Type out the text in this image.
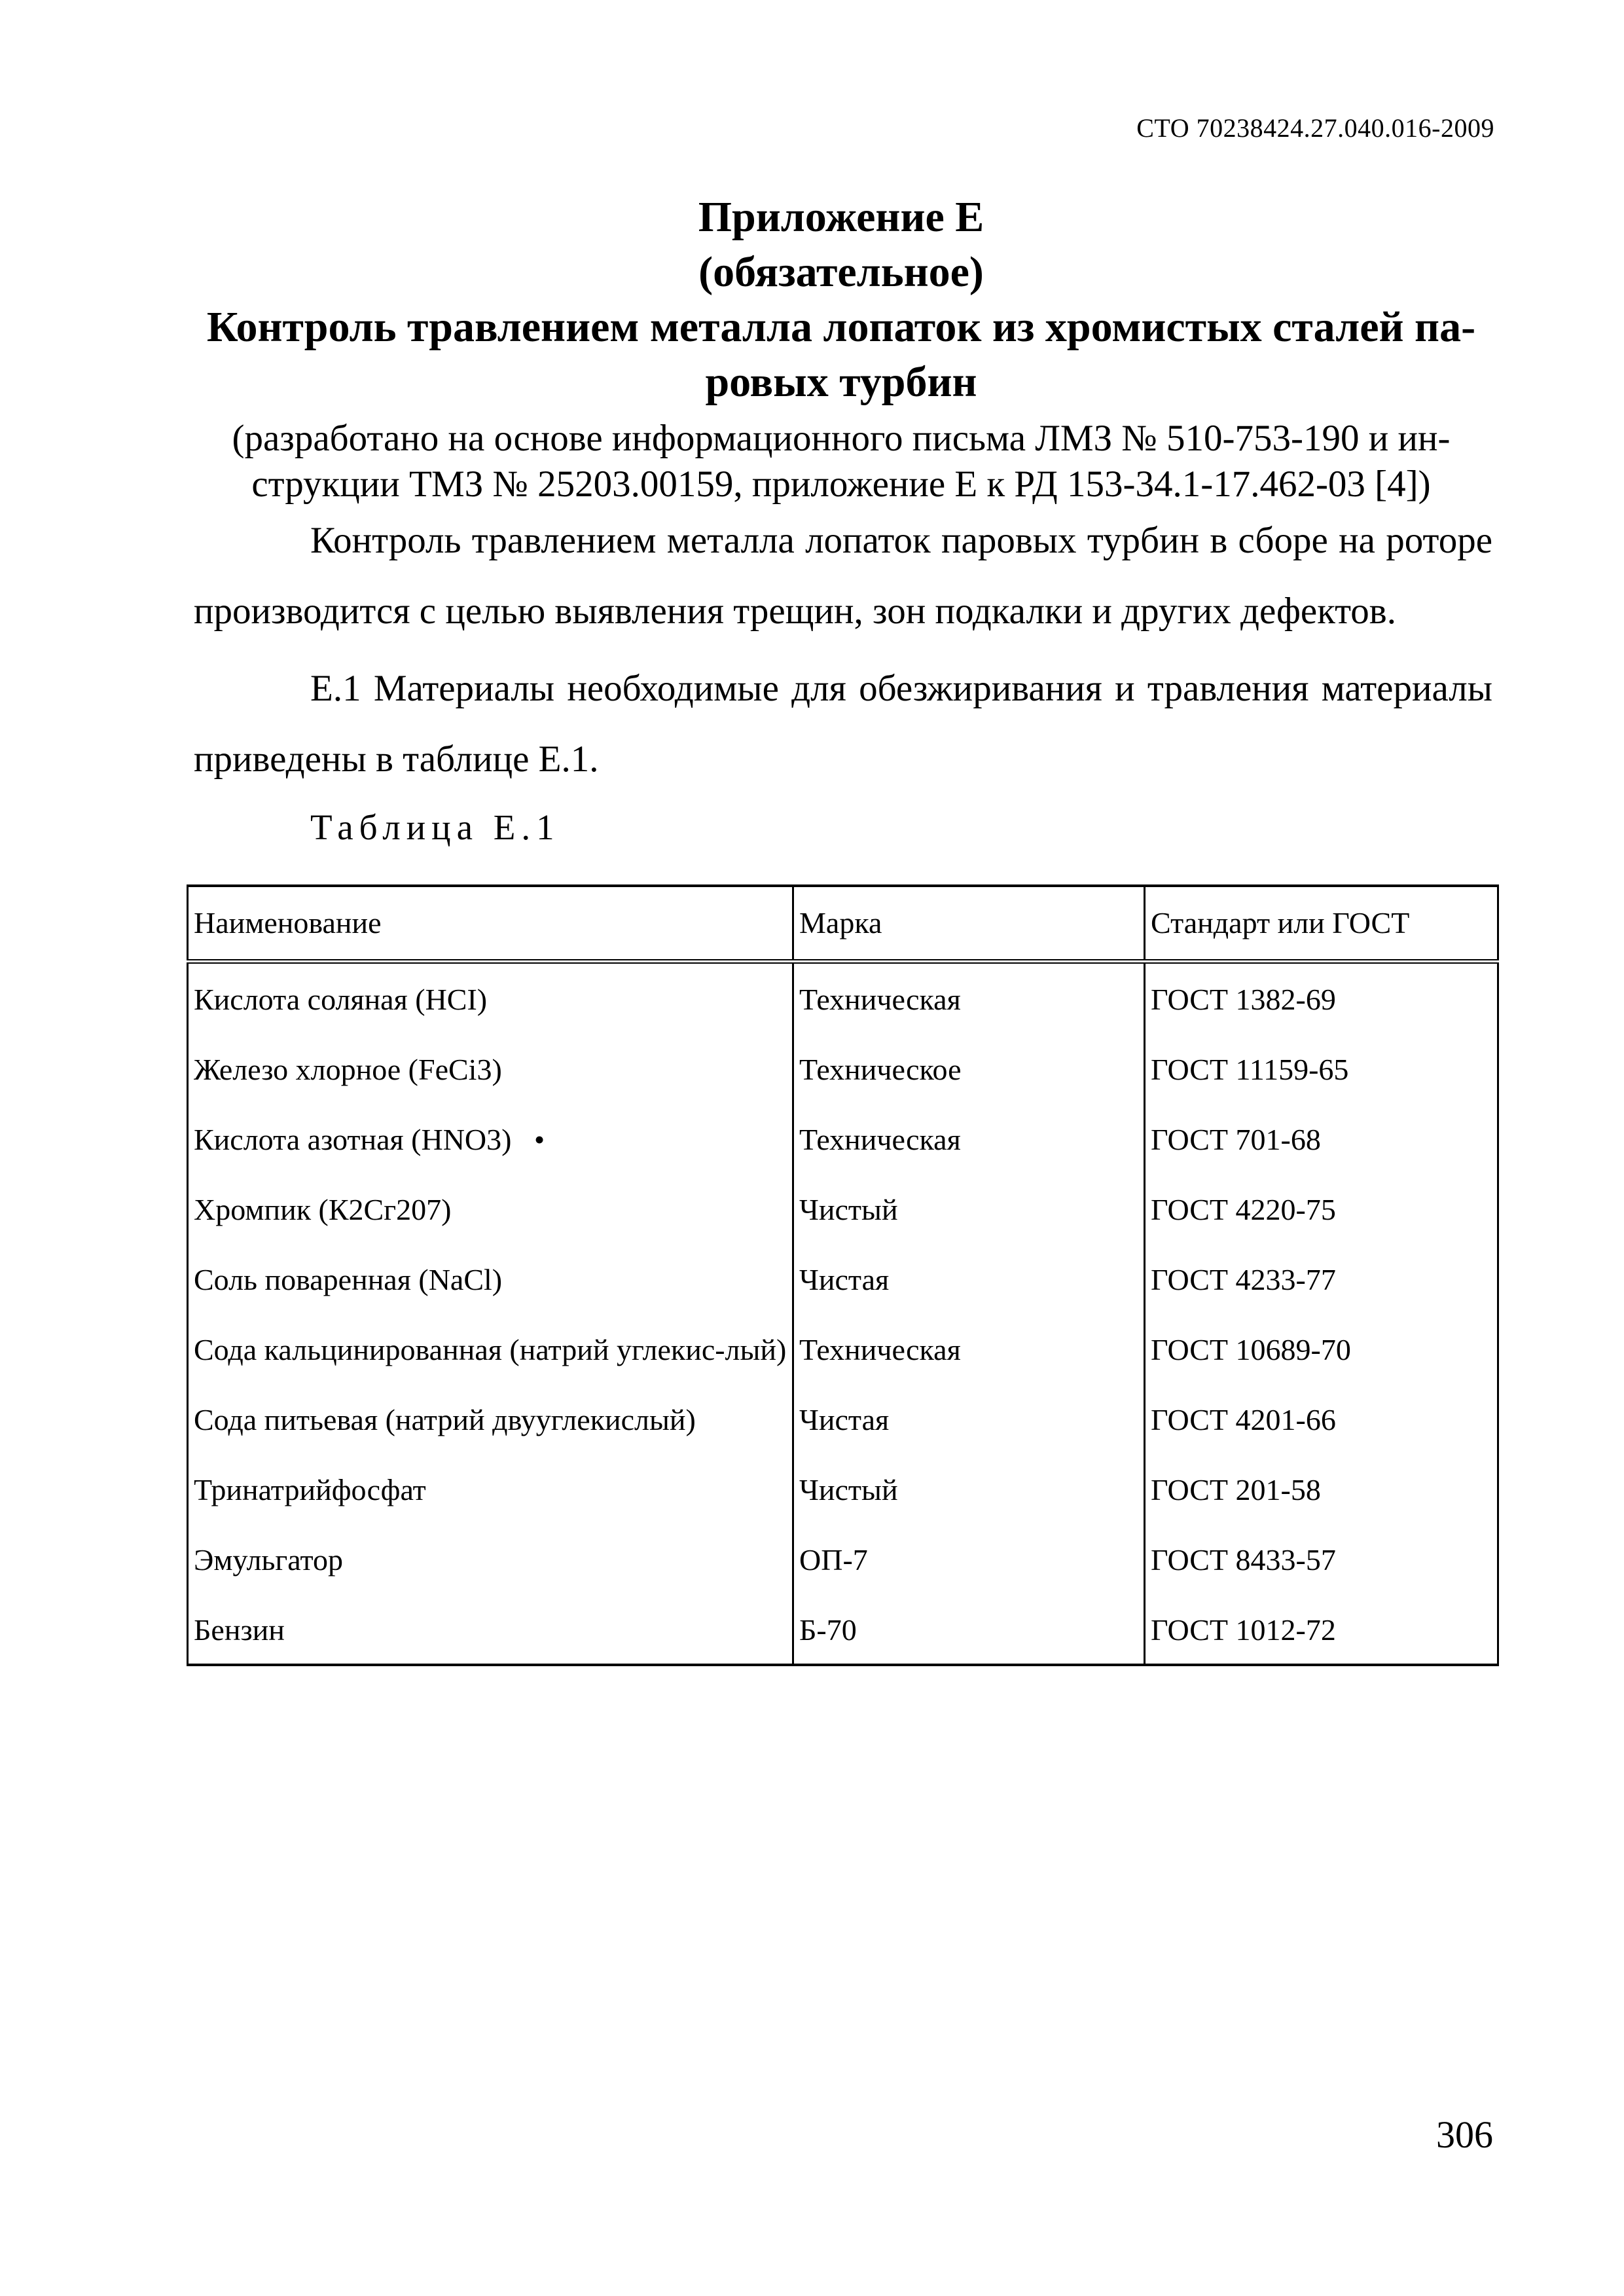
СТО 70238424.27.040.016-2009
Приложение Е
(обязательное)
Контроль травлением металла лопаток из хромистых сталей па-
ровых турбин
(разработано на основе информационного письма ЛМЗ № 510-753-190 и ин-
струкции ТМЗ № 25203.00159, приложение Е к РД 153-34.1-17.462-03 [4])

Контроль травлением металла лопаток паровых турбин в сборе на роторе производится с целью выявления трещин, зон подкалки и других дефектов.

Е.1 Материалы необходимые для обезжиривания и травления материалы приведены в таблице Е.1.

Таблица Е.1
Наименование	Марка	Стандарт или ГОСТ
Кислота соляная (HCI)	Техническая	ГОСТ 1382-69
Железо хлорное (FeCi3)	Техническое	ГОСТ 11159-65
Кислота азотная (HNO3)   •	Техническая	ГОСТ 701-68
Хромпик (К2Сг207)	Чистый	ГОСТ 4220-75
Соль поваренная (NaCl)	Чистая	ГОСТ 4233-77
Сода кальцинированная (натрий углекис-лый)	Техническая	ГОСТ 10689-70
Сода питьевая (натрий двууглекислый)	Чистая	ГОСТ 4201-66
Тринатрийфосфат	Чистый	ГОСТ 201-58
Эмульгатор	ОП-7	ГОСТ 8433-57
Бензин	Б-70	ГОСТ 1012-72
306
